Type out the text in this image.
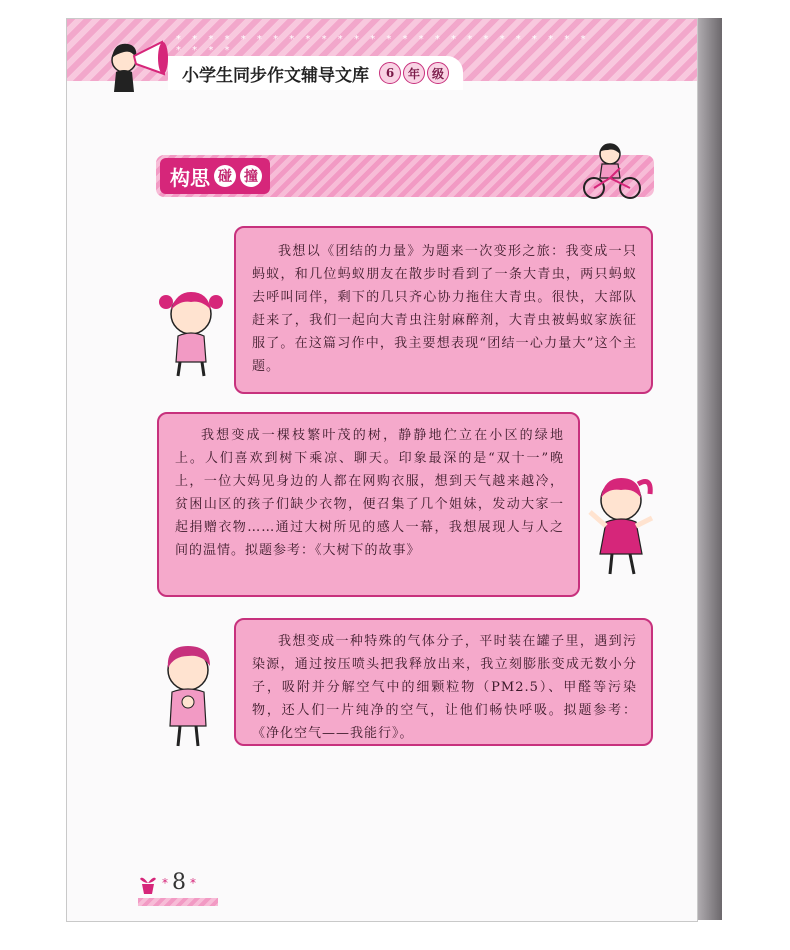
* * * * * * * * * * * * * * * * * * * * * * * * * * * * * *
小学生同步作文辅导文库	6	年 级
构思 碰 撞

我想以《团结的力量》为题来一次变形之旅：我变成一只蚂蚁，和几位蚂蚁朋友在散步时看到了一条大青虫，两只蚂蚁去呼叫同伴，剩下的几只齐心协力拖住大青虫。很快，大部队赶来了，我们一起向大青虫注射麻醉剂，大青虫被蚂蚁家族征服了。在这篇习作中，我主要想表现“团结一心力量大”这个主题。

我想变成一棵枝繁叶茂的树，静静地伫立在小区的绿地上。人们喜欢到树下乘凉、聊天。印象最深的是“双十一”晚上，一位大妈见身边的人都在网购衣服，想到天气越来越冷，贫困山区的孩子们缺少衣物，便召集了几个姐妹，发动大家一起捐赠衣物……通过大树所见的感人一幕，我想展现人与人之间的温情。拟题参考：《大树下的故事》

我想变成一种特殊的气体分子，平时装在罐子里，遇到污染源，通过按压喷头把我释放出来，我立刻膨胀变成无数小分子，吸附并分解空气中的细颗粒物（PM2.5）、甲醛等污染物，还人们一片纯净的空气，让他们畅快呼吸。拟题参考：《净化空气——我能行》。

* 8 *
